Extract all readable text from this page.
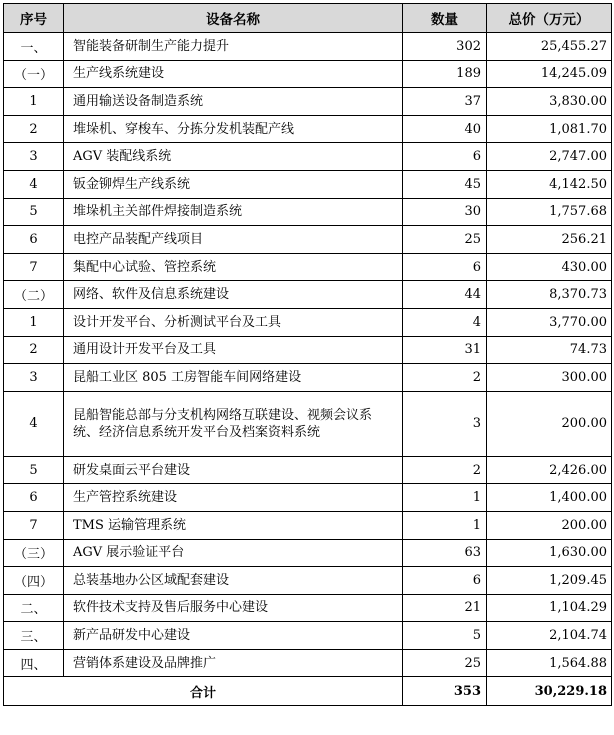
序号	设备名称	数量	总价（万元）
一、	智能装备研制生产能力提升	302	25,455.27
（一）	生产线系统建设	189	14,245.09
1	通用输送设备制造系统	37	3,830.00
2	堆垛机、穿梭车、分拣分发机装配产线	40	1,081.70
3	AGV 装配线系统	6	2,747.00
4	钣金铆焊生产线系统	45	4,142.50
5	堆垛机主关部件焊接制造系统	30	1,757.68
6	电控产品装配产线项目	25	256.21
7	集配中心试验、管控系统	6	430.00
（二）	网络、软件及信息系统建设	44	8,370.73
1	设计开发平台、分析测试平台及工具	4	3,770.00
2	通用设计开发平台及工具	31	74.73
3	昆船工业区 805 工房智能车间网络建设	2	300.00
4	昆船智能总部与分支机构网络互联建设、视频会议系统、经济信息系统开发平台及档案资料系统	3	200.00
5	研发桌面云平台建设	2	2,426.00
6	生产管控系统建设	1	1,400.00
7	TMS 运输管理系统	1	200.00
（三）	AGV 展示验证平台	63	1,630.00
（四）	总装基地办公区域配套建设	6	1,209.45
二、	软件技术支持及售后服务中心建设	21	1,104.29
三、	新产品研发中心建设	5	2,104.74
四、	营销体系建设及品牌推广	25	1,564.88
合计		353	30,229.18
